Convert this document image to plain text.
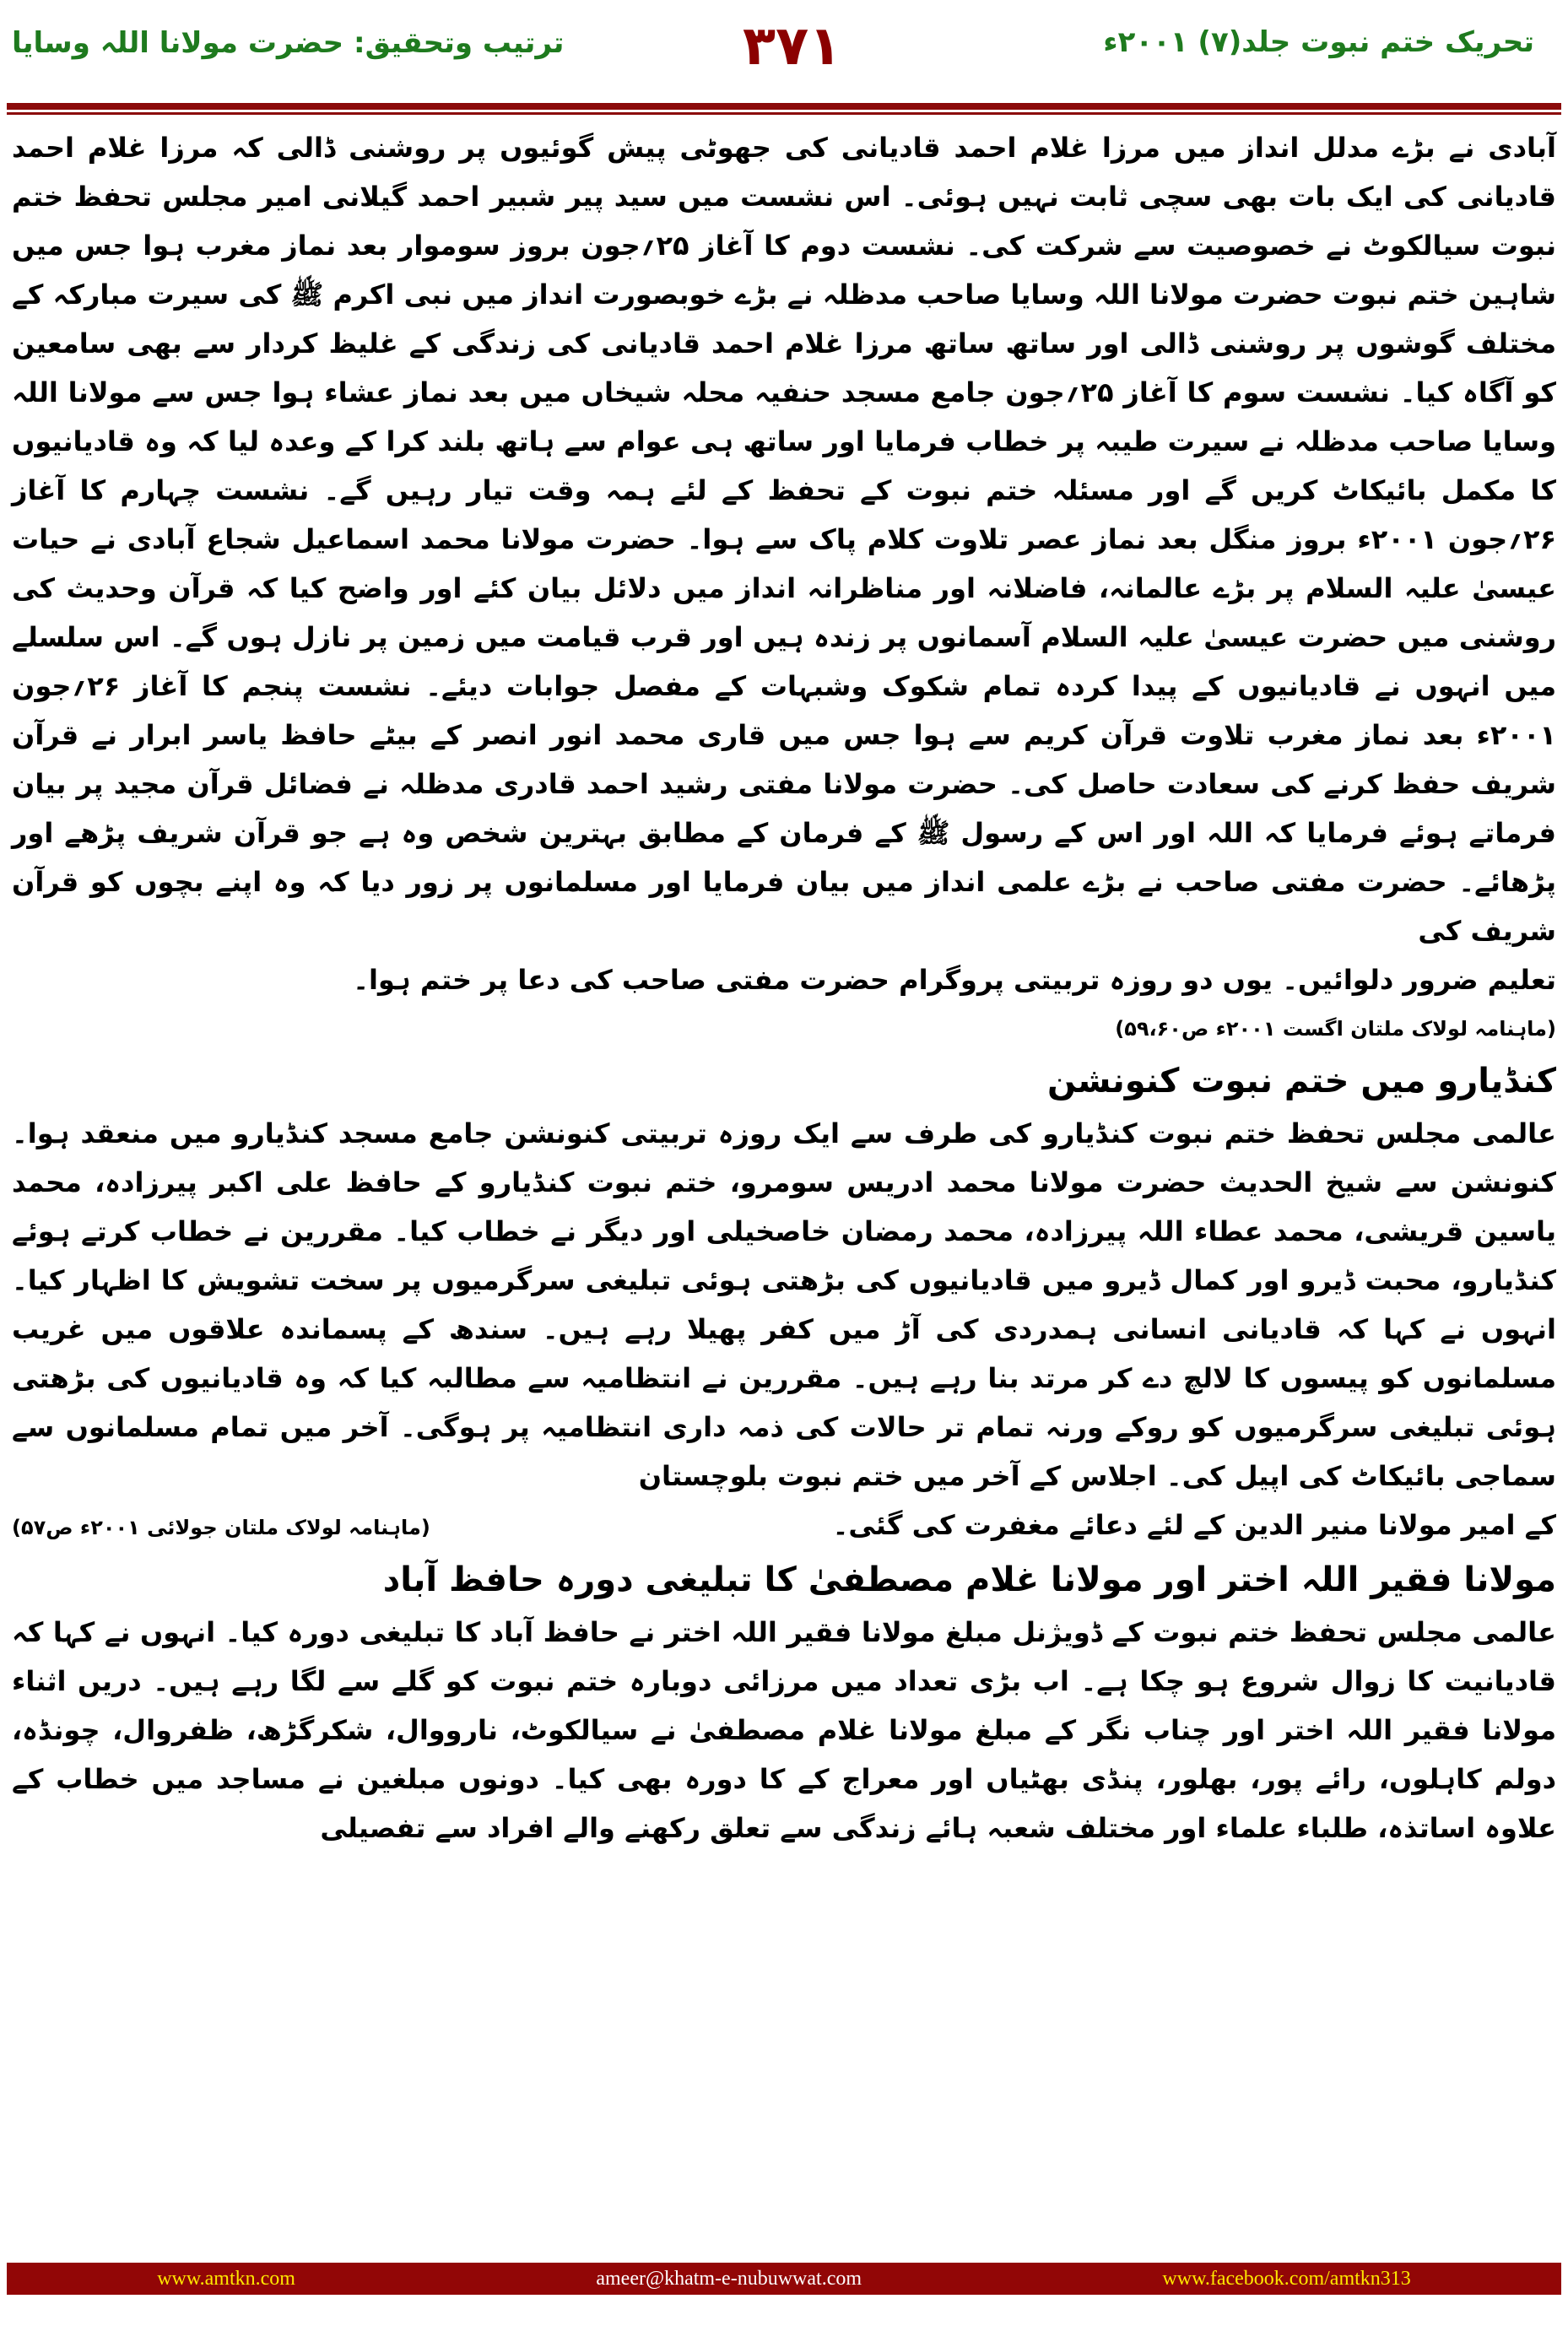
تحریک ختم نبوت جلد(۷) ۲۰۰۱ء
۳۷۱
ترتیب وتحقیق: حضرت مولانا اللہ وسایا

آبادی نے بڑے مدلل انداز میں مرزا غلام احمد قادیانی کی جھوٹی پیش گوئیوں پر روشنی ڈالی کہ مرزا غلام احمد قادیانی کی ایک بات بھی سچی ثابت نہیں ہوئی۔ اس نشست میں سید پیر شبیر احمد گیلانی امیر مجلس تحفظ ختم نبوت سیالکوٹ نے خصوصیت سے شرکت کی۔ نشست دوم کا آغاز ۲۵؍جون بروز سوموار بعد نماز مغرب ہوا جس میں شاہین ختم نبوت حضرت مولانا اللہ وسایا صاحب مدظلہ نے بڑے خوبصورت انداز میں نبی اکرم ﷺ کی سیرت مبارکہ کے مختلف گوشوں پر روشنی ڈالی اور ساتھ ساتھ مرزا غلام احمد قادیانی کی زندگی کے غلیظ کردار سے بھی سامعین کو آگاہ کیا۔ نشست سوم کا آغاز ۲۵؍جون جامع مسجد حنفیہ محلہ شیخاں میں بعد نماز عشاء ہوا جس سے مولانا اللہ وسایا صاحب مدظلہ نے سیرت طیبہ پر خطاب فرمایا اور ساتھ ہی عوام سے ہاتھ بلند کرا کے وعدہ لیا کہ وہ قادیانیوں کا مکمل بائیکاٹ کریں گے اور مسئلہ ختم نبوت کے تحفظ کے لئے ہمہ وقت تیار رہیں گے۔ نشست چہارم کا آغاز ۲۶؍جون ۲۰۰۱ء بروز منگل بعد نماز عصر تلاوت کلام پاک سے ہوا۔ حضرت مولانا محمد اسماعیل شجاع آبادی نے حیات عیسیٰ علیہ السلام پر بڑے عالمانہ، فاضلانہ اور مناظرانہ انداز میں دلائل بیان کئے اور واضح کیا کہ قرآن وحدیث کی روشنی میں حضرت عیسیٰ علیہ السلام آسمانوں پر زندہ ہیں اور قرب قیامت میں زمین پر نازل ہوں گے۔ اس سلسلے میں انہوں نے قادیانیوں کے پیدا کردہ تمام شکوک وشبہات کے مفصل جوابات دیئے۔ نشست پنجم کا آغاز ۲۶؍جون ۲۰۰۱ء بعد نماز مغرب تلاوت قرآن کریم سے ہوا جس میں قاری محمد انور انصر کے بیٹے حافظ یاسر ابرار نے قرآن شریف حفظ کرنے کی سعادت حاصل کی۔ حضرت مولانا مفتی رشید احمد قادری مدظلہ نے فضائل قرآن مجید پر بیان فرماتے ہوئے فرمایا کہ اللہ اور اس کے رسول ﷺ کے فرمان کے مطابق بہترین شخص وہ ہے جو قرآن شریف پڑھے اور پڑھائے۔ حضرت مفتی صاحب نے بڑے علمی انداز میں بیان فرمایا اور مسلمانوں پر زور دیا کہ وہ اپنے بچوں کو قرآن شریف کی

تعلیم ضرور دلوائیں۔ یوں دو روزہ تربیتی پروگرام حضرت مفتی صاحب کی دعا پر ختم ہوا۔
(ماہنامہ لولاک ملتان اگست ۲۰۰۱ء ص۵۹،۶۰)
کنڈیارو میں ختم نبوت کنونشن

عالمی مجلس تحفظ ختم نبوت کنڈیارو کی طرف سے ایک روزہ تربیتی کنونشن جامع مسجد کنڈیارو میں منعقد ہوا۔ کنونشن سے شیخ الحدیث حضرت مولانا محمد ادریس سومرو، ختم نبوت کنڈیارو کے حافظ علی اکبر پیرزادہ، محمد یاسین قریشی، محمد عطاء اللہ پیرزادہ، محمد رمضان خاصخیلی اور دیگر نے خطاب کیا۔ مقررین نے خطاب کرتے ہوئے کنڈیارو، محبت ڈیرو اور کمال ڈیرو میں قادیانیوں کی بڑھتی ہوئی تبلیغی سرگرمیوں پر سخت تشویش کا اظہار کیا۔ انہوں نے کہا کہ قادیانی انسانی ہمدردی کی آڑ میں کفر پھیلا رہے ہیں۔ سندھ کے پسماندہ علاقوں میں غریب مسلمانوں کو پیسوں کا لالچ دے کر مرتد بنا رہے ہیں۔ مقررین نے انتظامیہ سے مطالبہ کیا کہ وہ قادیانیوں کی بڑھتی ہوئی تبلیغی سرگرمیوں کو روکے ورنہ تمام تر حالات کی ذمہ داری انتظامیہ پر ہوگی۔ آخر میں تمام مسلمانوں سے سماجی بائیکاٹ کی اپیل کی۔ اجلاس کے آخر میں ختم نبوت بلوچستان

کے امیر مولانا منیر الدین کے لئے دعائے مغفرت کی گئی۔
(ماہنامہ لولاک ملتان جولائی ۲۰۰۱ء ص۵۷)
مولانا فقیر اللہ اختر اور مولانا غلام مصطفیٰ کا تبلیغی دورہ حافظ آباد

عالمی مجلس تحفظ ختم نبوت کے ڈویژنل مبلغ مولانا فقیر اللہ اختر نے حافظ آباد کا تبلیغی دورہ کیا۔ انہوں نے کہا کہ قادیانیت کا زوال شروع ہو چکا ہے۔ اب بڑی تعداد میں مرزائی دوبارہ ختم نبوت کو گلے سے لگا رہے ہیں۔ دریں اثناء مولانا فقیر اللہ اختر اور چناب نگر کے مبلغ مولانا غلام مصطفیٰ نے سیالکوٹ، نارووال، شکرگڑھ، ظفروال، چونڈہ، دولم کاہلوں، رائے پور، بھلور، پنڈی بھٹیاں اور معراج کے کا دورہ بھی کیا۔ دونوں مبلغین نے مساجد میں خطاب کے علاوہ اساتذہ، طلباء علماء اور مختلف شعبہ ہائے زندگی سے تعلق رکھنے والے افراد سے تفصیلی

www.amtkn.com	ameer@khatm-e-nubuwwat.com	www.facebook.com/amtkn313
